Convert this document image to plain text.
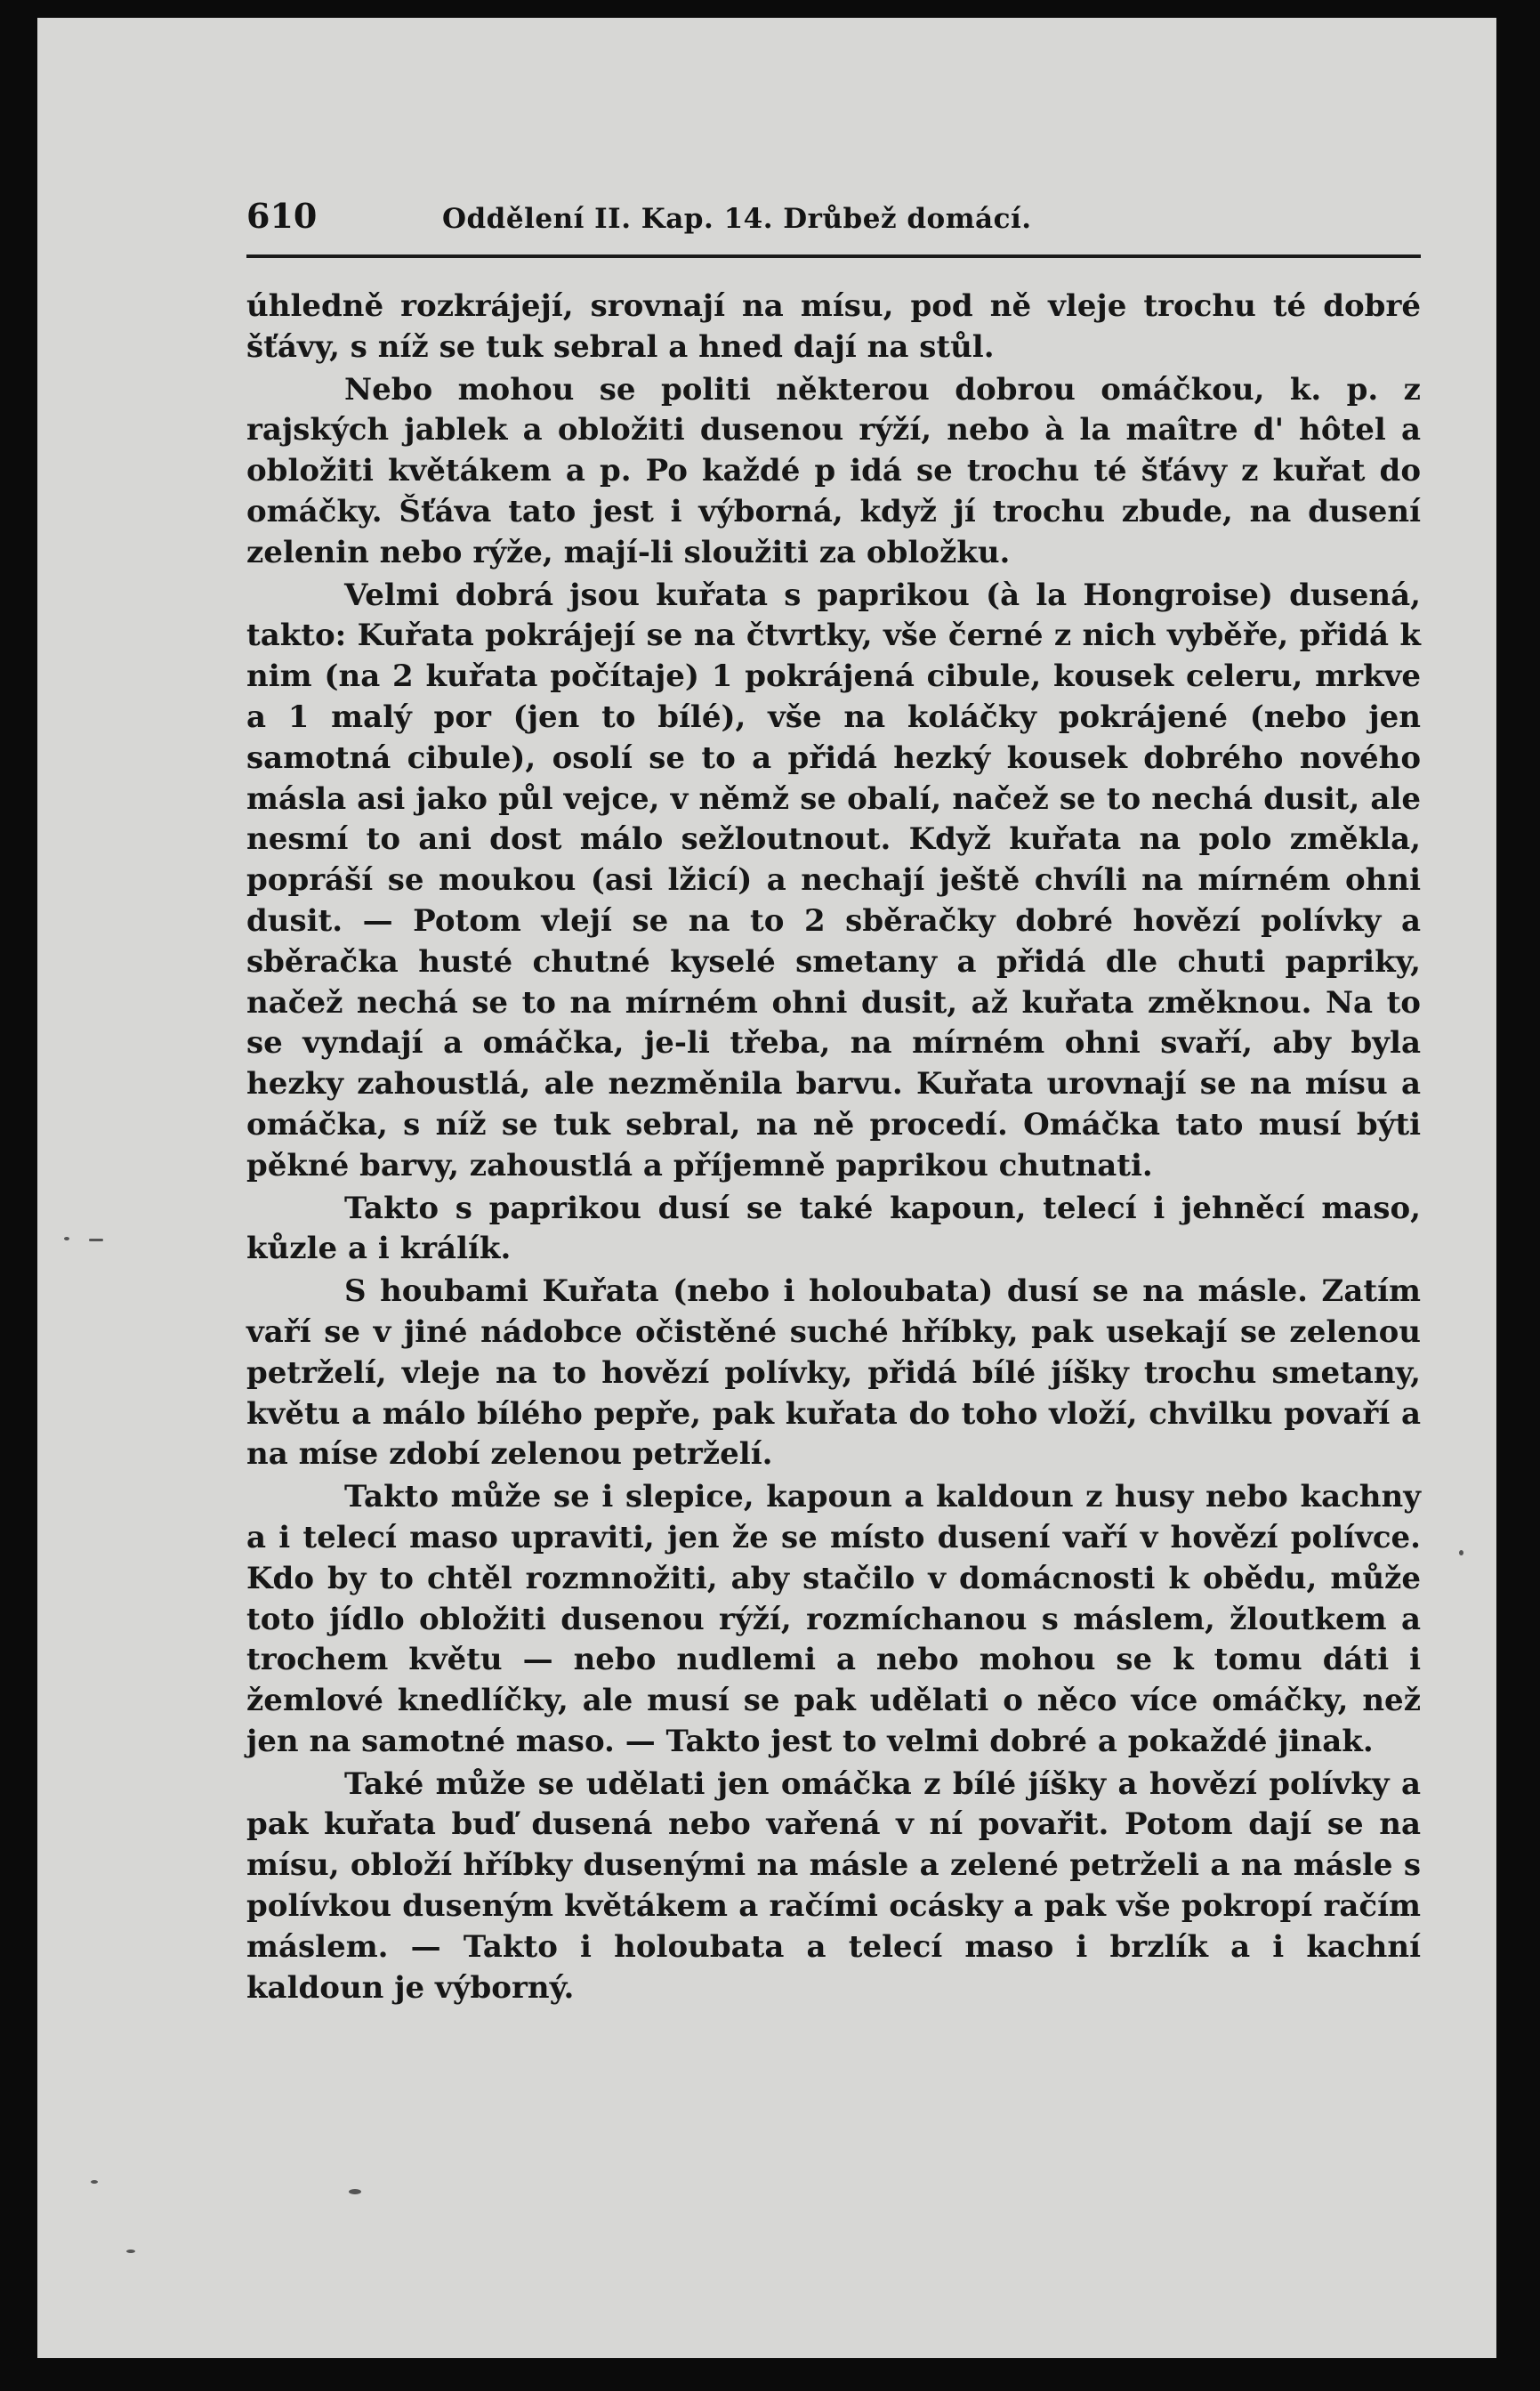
610	Oddělení II. Kap. 14. Drůbež domácí.

úhledně rozkrájejí, srovnají na mísu, pod ně vleje trochu té dobré šťávy, s níž se tuk sebral a hned dají na stůl.

Nebo mohou se politi některou dobrou omáčkou, k. p. z rajských jablek a obložiti dusenou rýží, nebo à la maître d' hôtel a obložiti květákem a p. Po každé p idá se trochu té šťávy z kuřat do omáčky. Šťáva tato jest i výborná, když jí trochu zbude, na dusení zelenin nebo rýže, mají-li sloužiti za obložku.

Velmi dobrá jsou kuřata s paprikou (à la Hongroise) dusená, takto: Kuřata pokrájejí se na čtvrtky, vše černé z nich vyběře, přidá k nim (na 2 kuřata počítaje) 1 pokrájená cibule, kousek celeru, mrkve a 1 malý por (jen to bílé), vše na koláčky pokrájené (nebo jen samotná cibule), osolí se to a přidá hezký kousek dobrého nového másla asi jako půl vejce, v němž se obalí, načež se to nechá dusit, ale nesmí to ani dost málo sežloutnout. Když kuřata na polo změkla, popráší se moukou (asi lžicí) a nechají ještě chvíli na mírném ohni dusit. — Potom vlejí se na to 2 sběračky dobré hovězí polívky a sběračka husté chutné kyselé smetany a přidá dle chuti papriky, načež nechá se to na mírném ohni dusit, až kuřata změknou. Na to se vyndají a omáčka, je-li třeba, na mírném ohni svaří, aby byla hezky zahoustlá, ale nezměnila barvu. Kuřata urovnají se na mísu a omáčka, s níž se tuk sebral, na ně procedí. Omáčka tato musí býti pěkné barvy, zahoustlá a příjemně paprikou chutnati.

Takto s paprikou dusí se také kapoun, telecí i jehněcí maso, kůzle a i králík.

S houbami Kuřata (nebo i holoubata) dusí se na másle. Zatím vaří se v jiné nádobce očistěné suché hříbky, pak usekají se zelenou petrželí, vleje na to hovězí polívky, přidá bílé jíšky trochu smetany, květu a málo bílého pepře, pak kuřata do toho vloží, chvilku povaří a na míse zdobí zelenou petrželí.

Takto může se i slepice, kapoun a kaldoun z husy nebo kachny a i telecí maso upraviti, jen že se místo dusení vaří v hovězí polívce. Kdo by to chtěl rozmnožiti, aby stačilo v domácnosti k obědu, může toto jídlo obložiti dusenou rýží, rozmíchanou s máslem, žloutkem a trochem květu — nebo nudlemi a nebo mohou se k tomu dáti i žemlové knedlíčky, ale musí se pak udělati o něco více omáčky, než jen na samotné maso. — Takto jest to velmi dobré a pokaždé jinak.

Také může se udělati jen omáčka z bílé jíšky a hovězí polívky a pak kuřata buď dusená nebo vařená v ní povařit. Potom dají se na mísu, obloží hříbky dusenými na másle a zelené petrželi a na másle s polívkou duseným květákem a račími ocásky a pak vše pokropí račím máslem. — Takto i holoubata a telecí maso i brzlík a i kachní kaldoun je výborný.
